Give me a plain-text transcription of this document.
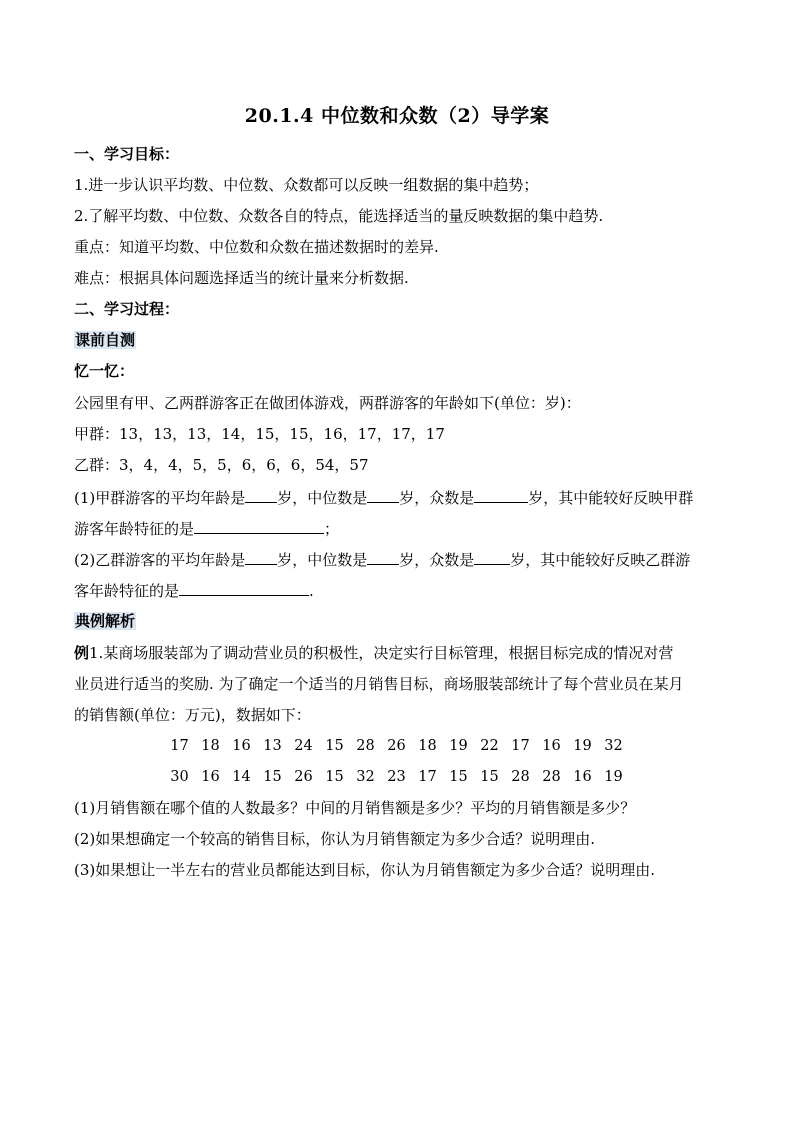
20.1.4 中位数和众数（2）导学案
一、学习目标：
1.进一步认识平均数、中位数、众数都可以反映一组数据的集中趋势；
2.了解平均数、中位数、众数各自的特点，能选择适当的量反映数据的集中趋势.
重点：知道平均数、中位数和众数在描述数据时的差异.
难点：根据具体问题选择适当的统计量来分析数据.
二、学习过程：
课前自测
忆一忆：
公园里有甲、乙两群游客正在做团体游戏，两群游客的年龄如下(单位：岁)：
甲群：13，13，13，14，15，15，16，17，17，17
乙群：3，4，4，5，5，6，6，6，54，57
(1)甲群游客的平均年龄是 岁，中位数是 岁，众数是	岁，其中能较好反映甲群
游客年龄特征的是	；
(2)乙群游客的平均年龄是 岁，中位数是 岁，众数是 岁，其中能较好反映乙群游
客年龄特征的是	.
典例解析
例1.某商场服装部为了调动营业员的积极性，决定实行目标管理，根据目标完成的情况对营
业员进行适当的奖励. 为了确定一个适当的月销售目标，商场服装部统计了每个营业员在某月
的销售额(单位：万元)，数据如下：
17 18 16 13 24 15 28 26 18 19 22 17 16 19 32
30 16 14 15 26 15 32 23 17 15 15 28 28 16 19
(1)月销售额在哪个值的人数最多？中间的月销售额是多少？平均的月销售额是多少？
(2)如果想确定一个较高的销售目标，你认为月销售额定为多少合适？说明理由.
(3)如果想让一半左右的营业员都能达到目标，你认为月销售额定为多少合适？说明理由.
